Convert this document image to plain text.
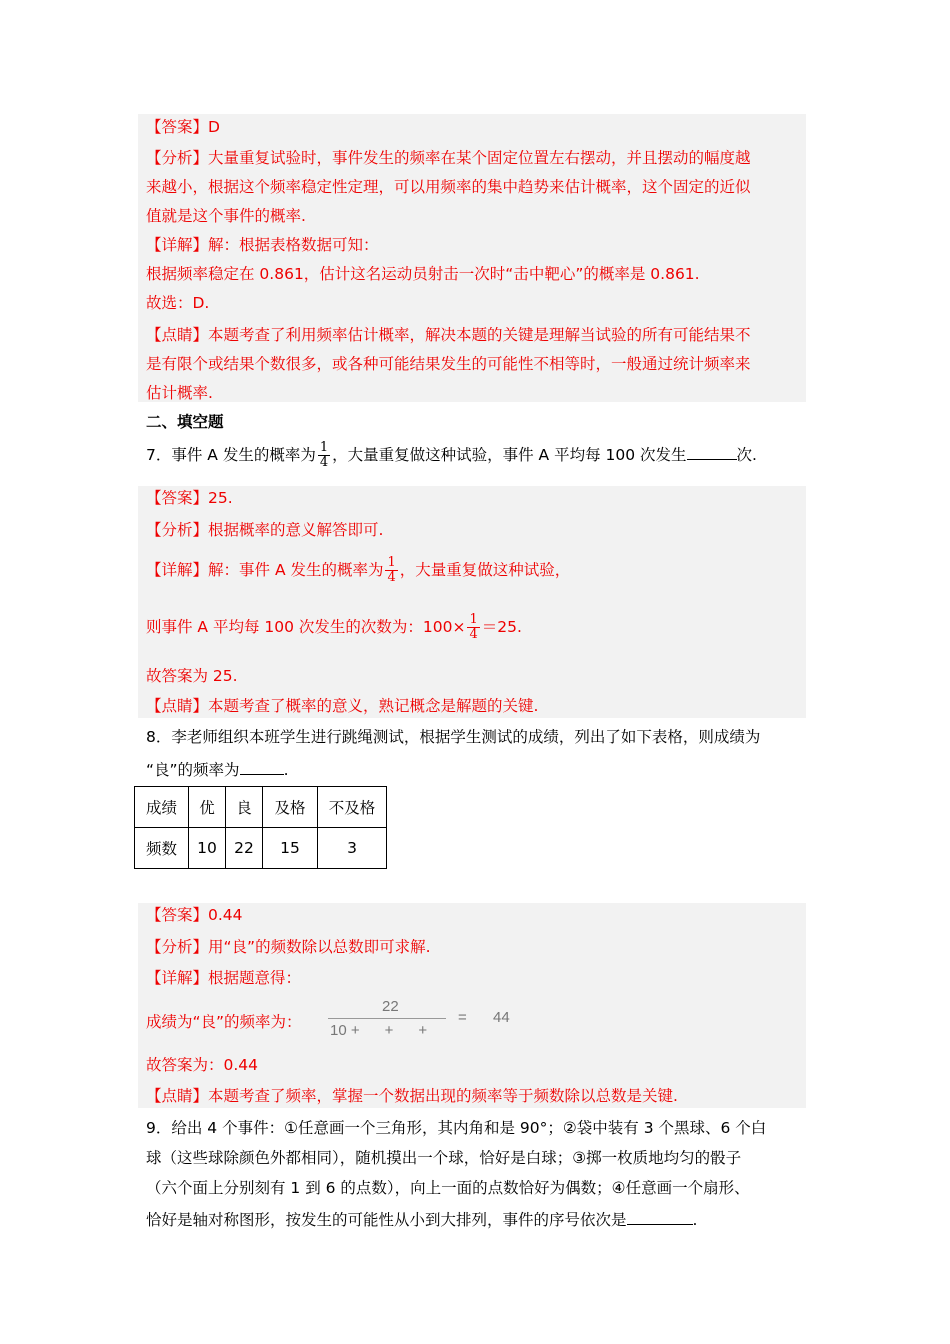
【答案】D
【分析】大量重复试验时，事件发生的频率在某个固定位置左右摆动，并且摆动的幅度越
来越小，根据这个频率稳定性定理，可以用频率的集中趋势来估计概率，这个固定的近似
值就是这个事件的概率.
【详解】解：根据表格数据可知：
根据频率稳定在 0.861，估计这名运动员射击一次时“击中靶心”的概率是 0.861.
故选：D.
【点睛】本题考查了利用频率估计概率，解决本题的关键是理解当试验的所有可能结果不
是有限个或结果个数很多，或各种可能结果发生的可能性不相等时，一般通过统计频率来
估计概率.
二、填空题
7．事件 A 发生的概率为 $\frac{1}{4}$ ，大量重复做这种试验，事件 A 平均每 100 次发生	次.
【答案】25.
【分析】根据概率的意义解答即可.
【详解】解：事件 A 发生的概率为 $\frac{1}{4}$ ，大量重复做这种试验，
则事件 A 平均每 100 次发生的次数为：$100\times \frac{1}{4} =25$.
故答案为 25.
【点睛】本题考查了概率的意义，熟记概念是解题的关键.
8．李老师组织本班学生进行跳绳测试，根据学生测试的成绩，列出了如下表格，则成绩为
“良”的频率为	.
成绩	优	良	及格	不及格
频数	10	22	15	3
【答案】0.44
【分析】用“良”的频数除以总数即可求解.
【详解】根据题意得：
成绩为“良”的频率为：
22
10 +      +      +
= 44
故答案为：0.44
【点睛】本题考查了频率，掌握一个数据出现的频率等于频数除以总数是关键.
9．给出 4 个事件：①任意画一个三角形，其内角和是 90°；②袋中装有 3 个黑球、6 个白
球（这些球除颜色外都相同），随机摸出一个球，恰好是白球；③掷一枚质地均匀的骰子
（六个面上分别刻有 1 到 6 的点数），向上一面的点数恰好为偶数；④任意画一个扇形、
恰好是轴对称图形，按发生的可能性从小到大排列，事件的序号依次是	.
